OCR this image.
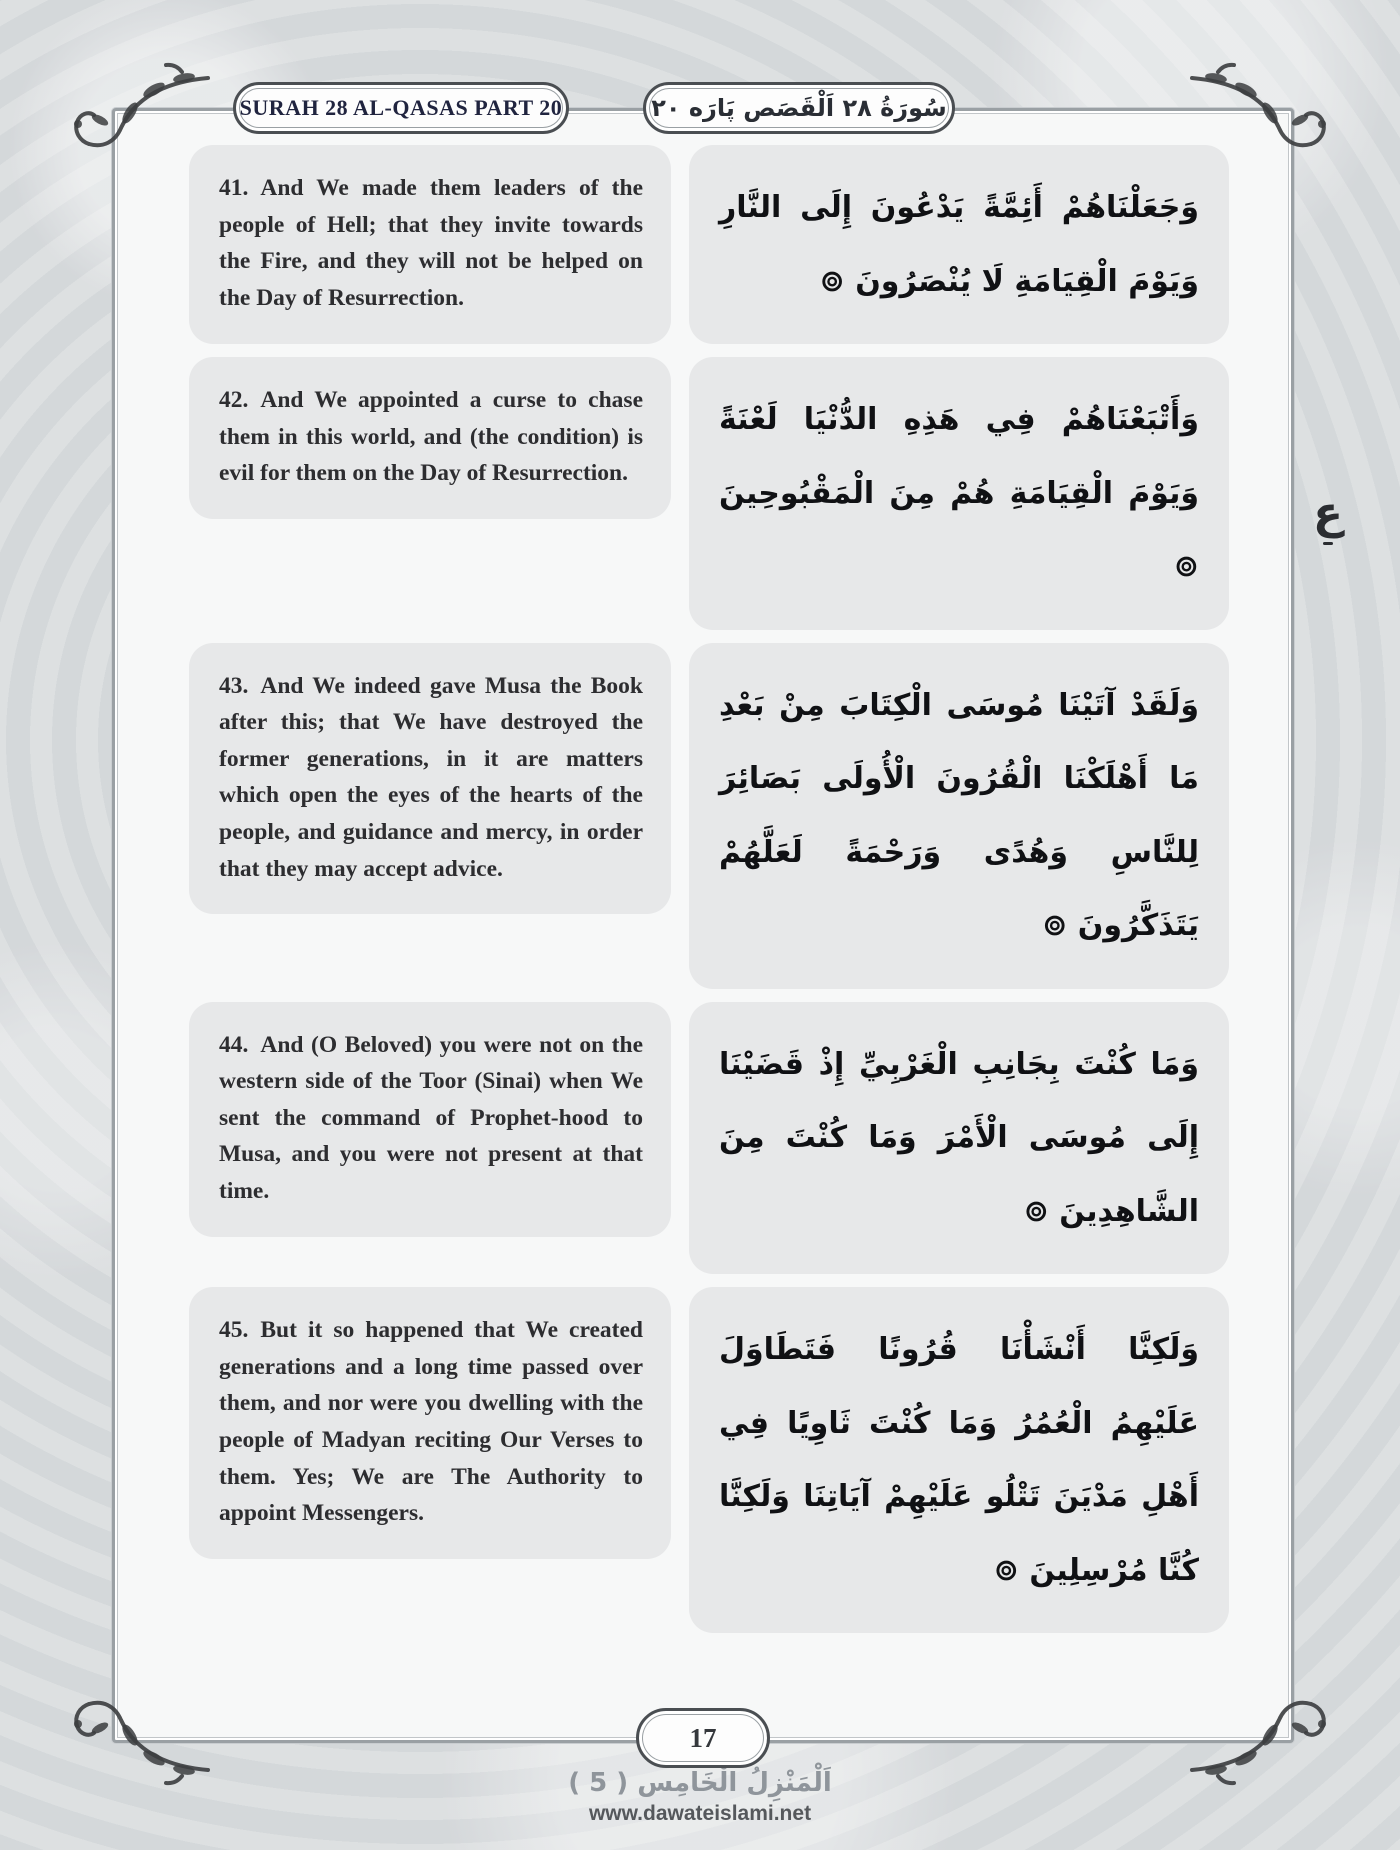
SURAH 28 AL-QASAS PART 20	سُورَةُ ٢٨ اَلْقَصَص پَارَه ٢٠
41. And We made them leaders of the people of Hell; that they invite towards the Fire, and they will not be helped on the Day of Resurrection.
وَجَعَلْنَاهُمْ أَئِمَّةً يَدْعُونَ إِلَى النَّارِ وَيَوْمَ الْقِيَامَةِ لَا يُنْصَرُونَ ⊚
42. And We appointed a curse to chase them in this world, and (the condition) is evil for them on the Day of Resurrection.
وَأَتْبَعْنَاهُمْ فِي هَذِهِ الدُّنْيَا لَعْنَةً وَيَوْمَ الْقِيَامَةِ هُمْ مِنَ الْمَقْبُوحِينَ ⊚
43. And We indeed gave Musa the Book after this; that We have destroyed the former generations, in it are matters which open the eyes of the hearts of the people, and guidance and mercy, in order that they may accept advice.
وَلَقَدْ آتَيْنَا مُوسَى الْكِتَابَ مِنْ بَعْدِ مَا أَهْلَكْنَا الْقُرُونَ الْأُولَى بَصَائِرَ لِلنَّاسِ وَهُدًى وَرَحْمَةً لَعَلَّهُمْ يَتَذَكَّرُونَ ⊚
44. And (O Beloved) you were not on the western side of the Toor (Sinai) when We sent the command of Prophet-hood to Musa, and you were not present at that time.
وَمَا كُنْتَ بِجَانِبِ الْغَرْبِيِّ إِذْ قَضَيْنَا إِلَى مُوسَى الْأَمْرَ وَمَا كُنْتَ مِنَ الشَّاهِدِينَ ⊚
45. But it so happened that We created generations and a long time passed over them, and nor were you dwelling with the people of Madyan reciting Our Verses to them. Yes; We are The Authority to appoint Messengers.
وَلَكِنَّا أَنْشَأْنَا قُرُونًا فَتَطَاوَلَ عَلَيْهِمُ الْعُمُرُ وَمَا كُنْتَ ثَاوِيًا فِي أَهْلِ مَدْيَنَ تَتْلُو عَلَيْهِمْ آيَاتِنَا وَلَكِنَّا كُنَّا مُرْسِلِينَ ⊚
17
ع
اَلْمَنْزِلُ الْخَامِس ( 5 )
www.dawateislami.net
